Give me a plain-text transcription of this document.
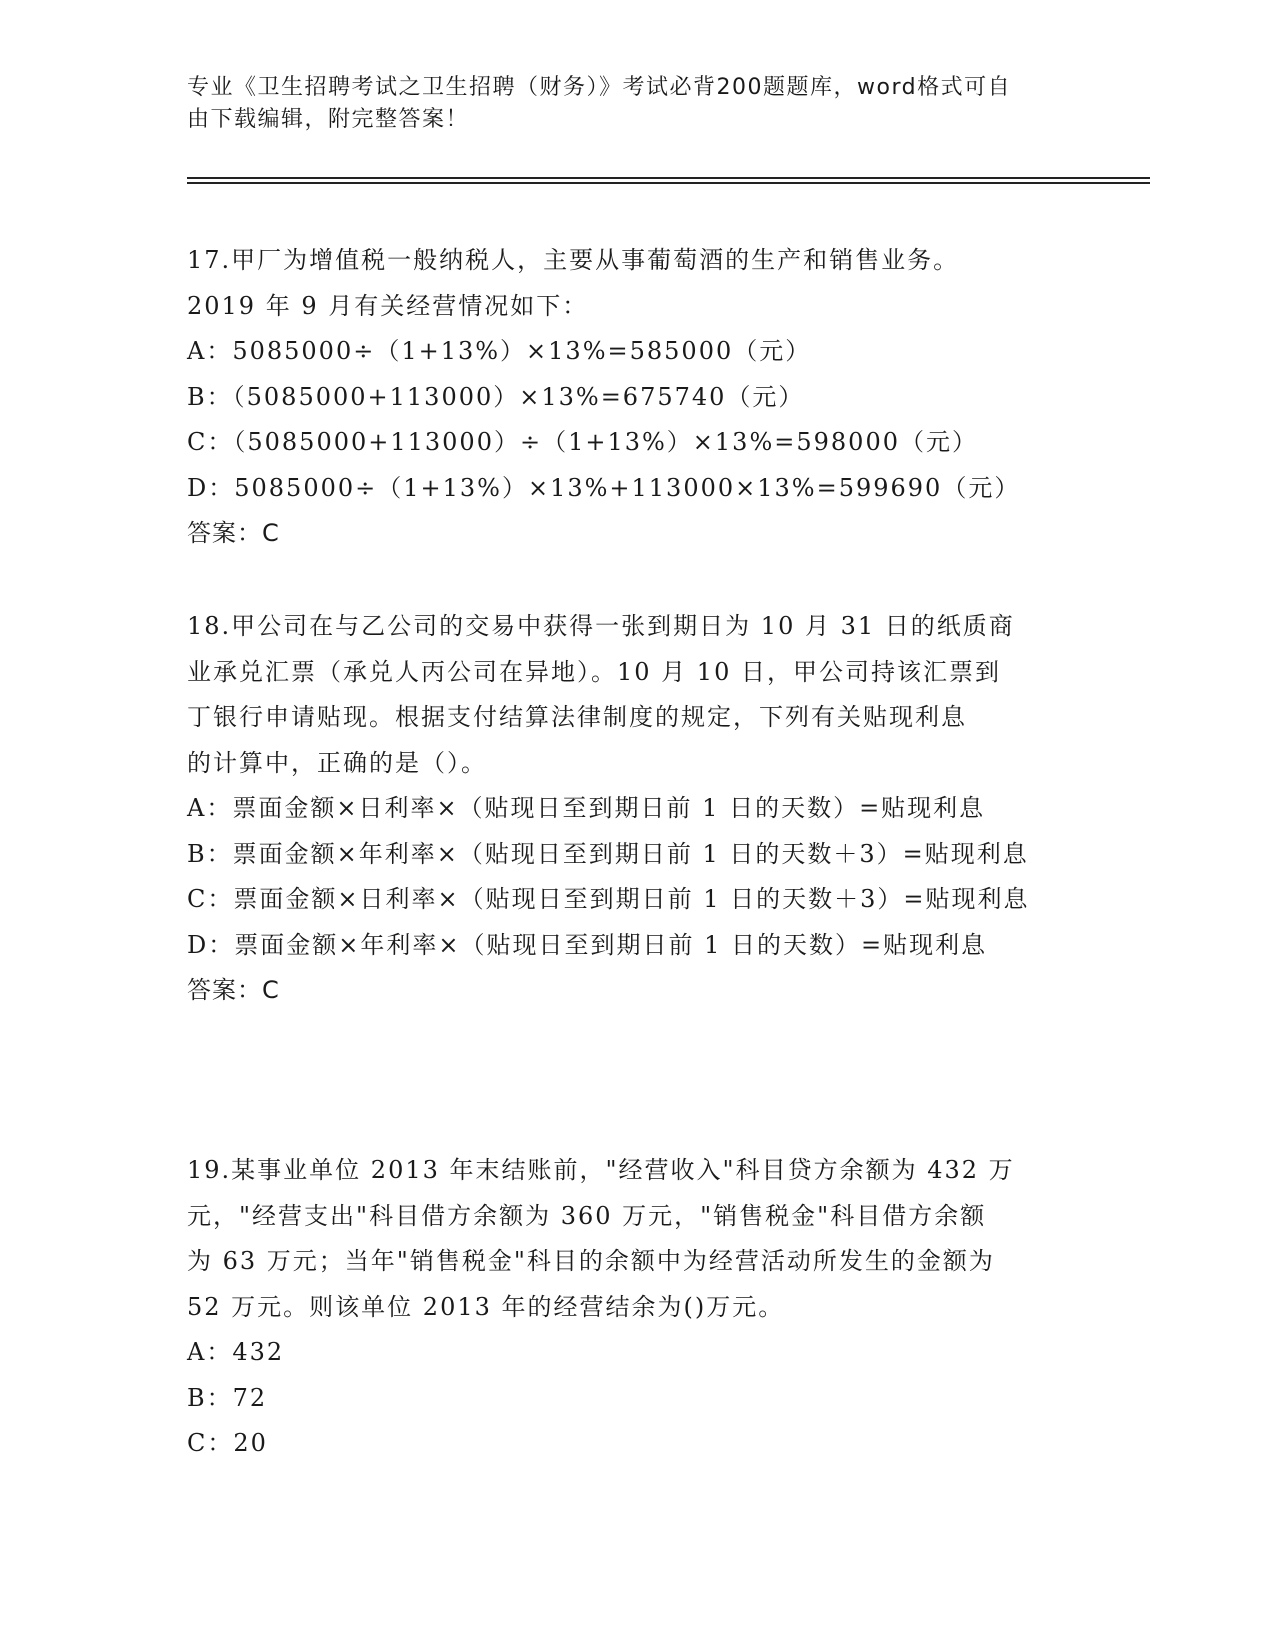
专业《卫生招聘考试之卫生招聘（财务）》考试必背200题题库，word格式可自
由下载编辑，附完整答案！
17.甲厂为增值税一般纳税人，主要从事葡萄酒的生产和销售业务。
2019 年 9 月有关经营情况如下：
A：5085000÷（1+13%）×13%=585000（元）
B：（5085000+113000）×13%=675740（元）
C：（5085000+113000）÷（1+13%）×13%=598000（元）
D：5085000÷（1+13%）×13%+113000×13%=599690（元）
答案：C
18.甲公司在与乙公司的交易中获得一张到期日为 10 月 31 日的纸质商
业承兑汇票（承兑人丙公司在异地）。10 月 10 日，甲公司持该汇票到
丁银行申请贴现。根据支付结算法律制度的规定，下列有关贴现利息
的计算中，正确的是（）。
A：票面金额×日利率×（贴现日至到期日前 1 日的天数）=贴现利息
B：票面金额×年利率×（贴现日至到期日前 1 日的天数＋3）=贴现利息
C：票面金额×日利率×（贴现日至到期日前 1 日的天数＋3）=贴现利息
D：票面金额×年利率×（贴现日至到期日前 1 日的天数）=贴现利息
答案：C
19.某事业单位 2013 年末结账前，"经营收入"科目贷方余额为 432 万
元，"经营支出"科目借方余额为 360 万元，"销售税金"科目借方余额
为 63 万元；当年"销售税金"科目的余额中为经营活动所发生的金额为
52 万元。则该单位 2013 年的经营结余为()万元。
A：432
B：72
C：20
